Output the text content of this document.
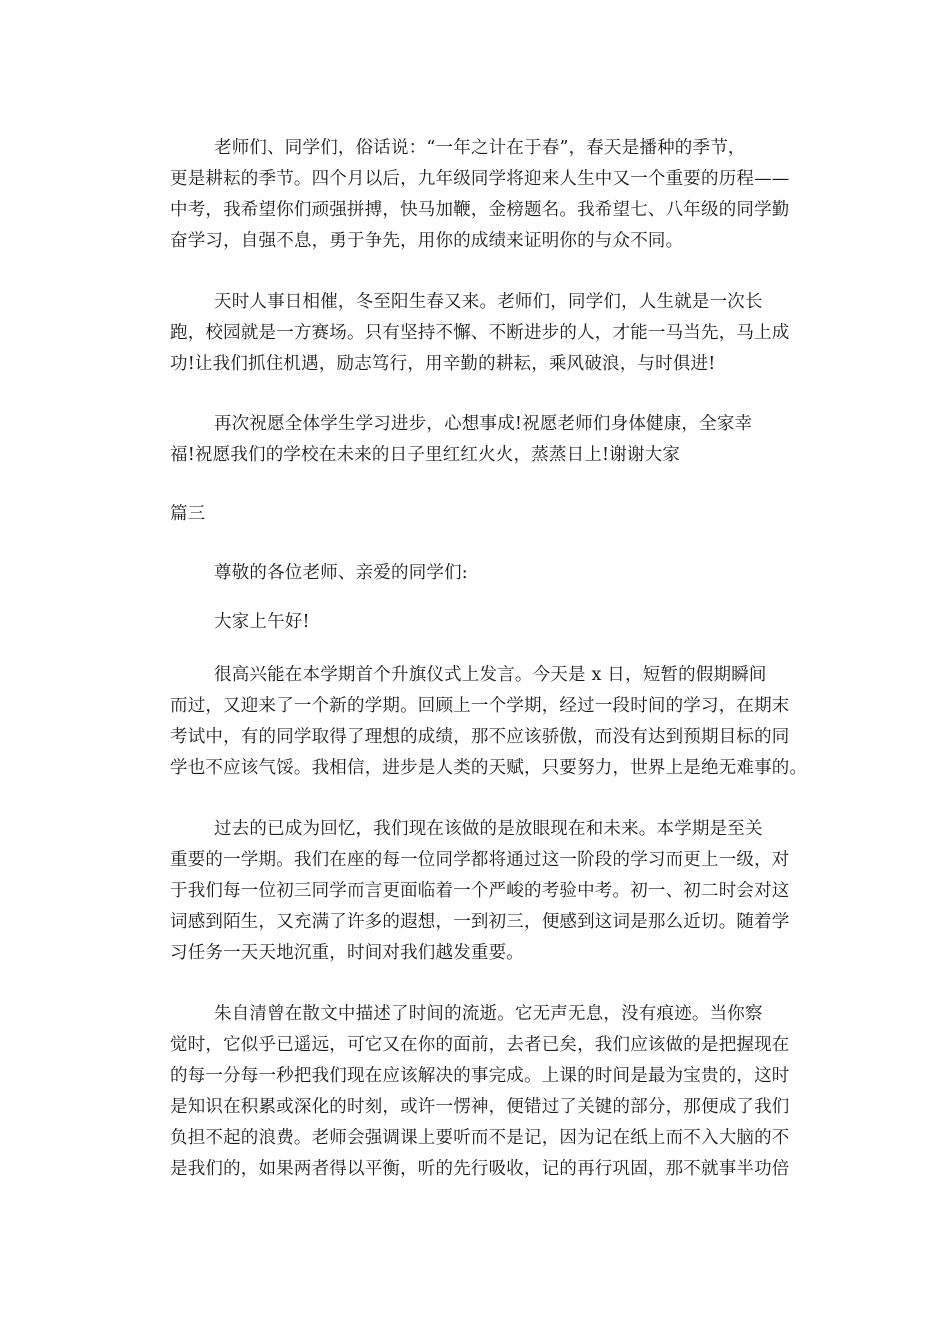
老师们、同学们，俗话说：“一年之计在于春”，春天是播种的季节，
更是耕耘的季节。四个月以后，九年级同学将迎来人生中又一个重要的历程——
中考，我希望你们顽强拼搏，快马加鞭，金榜题名。我希望七、八年级的同学勤
奋学习，自强不息，勇于争先，用你的成绩来证明你的与众不同。

天时人事日相催，冬至阳生春又来。老师们，同学们，人生就是一次长
跑，校园就是一方赛场。只有坚持不懈、不断进步的人，才能一马当先，马上成
功!让我们抓住机遇，励志笃行，用辛勤的耕耘，乘风破浪，与时俱进!

再次祝愿全体学生学习进步，心想事成!祝愿老师们身体健康，全家幸
福!祝愿我们的学校在未来的日子里红红火火，蒸蒸日上!谢谢大家

篇三

尊敬的各位老师、亲爱的同学们:

大家上午好!

很高兴能在本学期首个升旗仪式上发言。今天是 x 日，短暂的假期瞬间
而过，又迎来了一个新的学期。回顾上一个学期，经过一段时间的学习，在期末
考试中，有的同学取得了理想的成绩，那不应该骄傲，而没有达到预期目标的同
学也不应该气馁。我相信，进步是人类的天赋，只要努力，世界上是绝无难事的。

过去的已成为回忆，我们现在该做的是放眼现在和未来。本学期是至关
重要的一学期。我们在座的每一位同学都将通过这一阶段的学习而更上一级，对
于我们每一位初三同学而言更面临着一个严峻的考验中考。初一、初二时会对这
词感到陌生，又充满了许多的遐想，一到初三，便感到这词是那么近切。随着学
习任务一天天地沉重，时间对我们越发重要。

朱自清曾在散文中描述了时间的流逝。它无声无息，没有痕迹。当你察
觉时，它似乎已遥远，可它又在你的面前，去者已矣，我们应该做的是把握现在
的每一分每一秒把我们现在应该解决的事完成。上课的时间是最为宝贵的，这时
是知识在积累或深化的时刻，或许一愣神，便错过了关键的部分，那便成了我们
负担不起的浪费。老师会强调课上要听而不是记，因为记在纸上而不入大脑的不
是我们的，如果两者得以平衡，听的先行吸收，记的再行巩固，那不就事半功倍
